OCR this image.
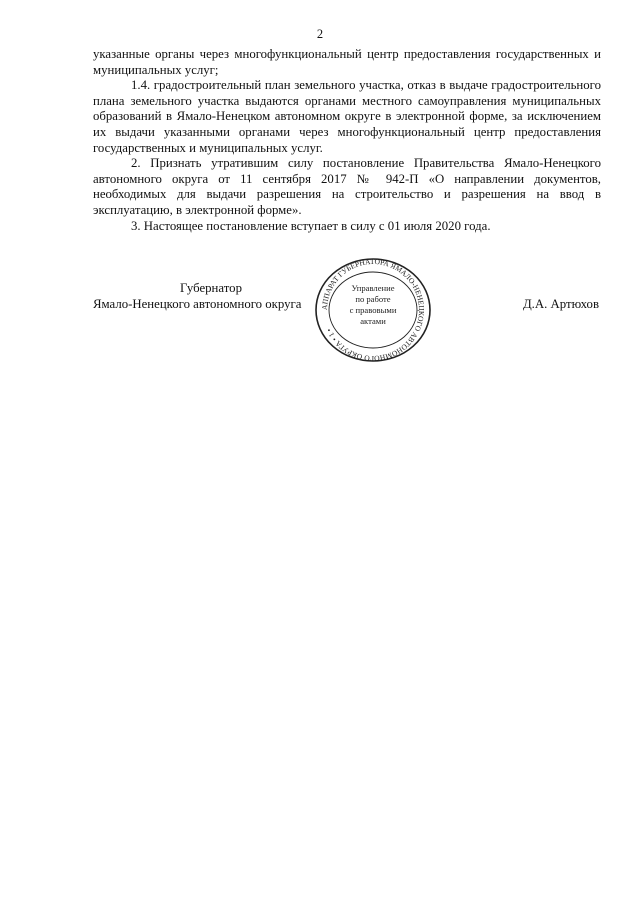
2

указанные органы через многофункциональный центр предоставления государственных и муниципальных услуг;

1.4. градостроительный план земельного участка, отказ в выдаче градостроительного плана земельного участка выдаются органами местного самоуправления муниципальных образований в Ямало-Ненецком автономном округе в электронной форме, за исключением их выдачи указанными органами через многофункциональный центр предоставления государственных и муниципальных услуг.

2. Признать утратившим силу постановление Правительства Ямало-Ненецкого автономного округа от 11 сентября 2017 № 942-П «О направлении документов, необходимых для выдачи разрешения на строительство и разрешения на ввод в эксплуатацию, в электронной форме».

3. Настоящее постановление вступает в силу с 01 июля 2020 года.

Губернатор
Ямало-Ненецкого автономного округа	Д.А. Артюхов
АППАРАТ ГУБЕРНАТОРА ЯМАЛО-НЕНЕЦКОГО АВТОНОМНОГО ОКРУГА • 1 •
Управление
по работе
с правовыми
актами
